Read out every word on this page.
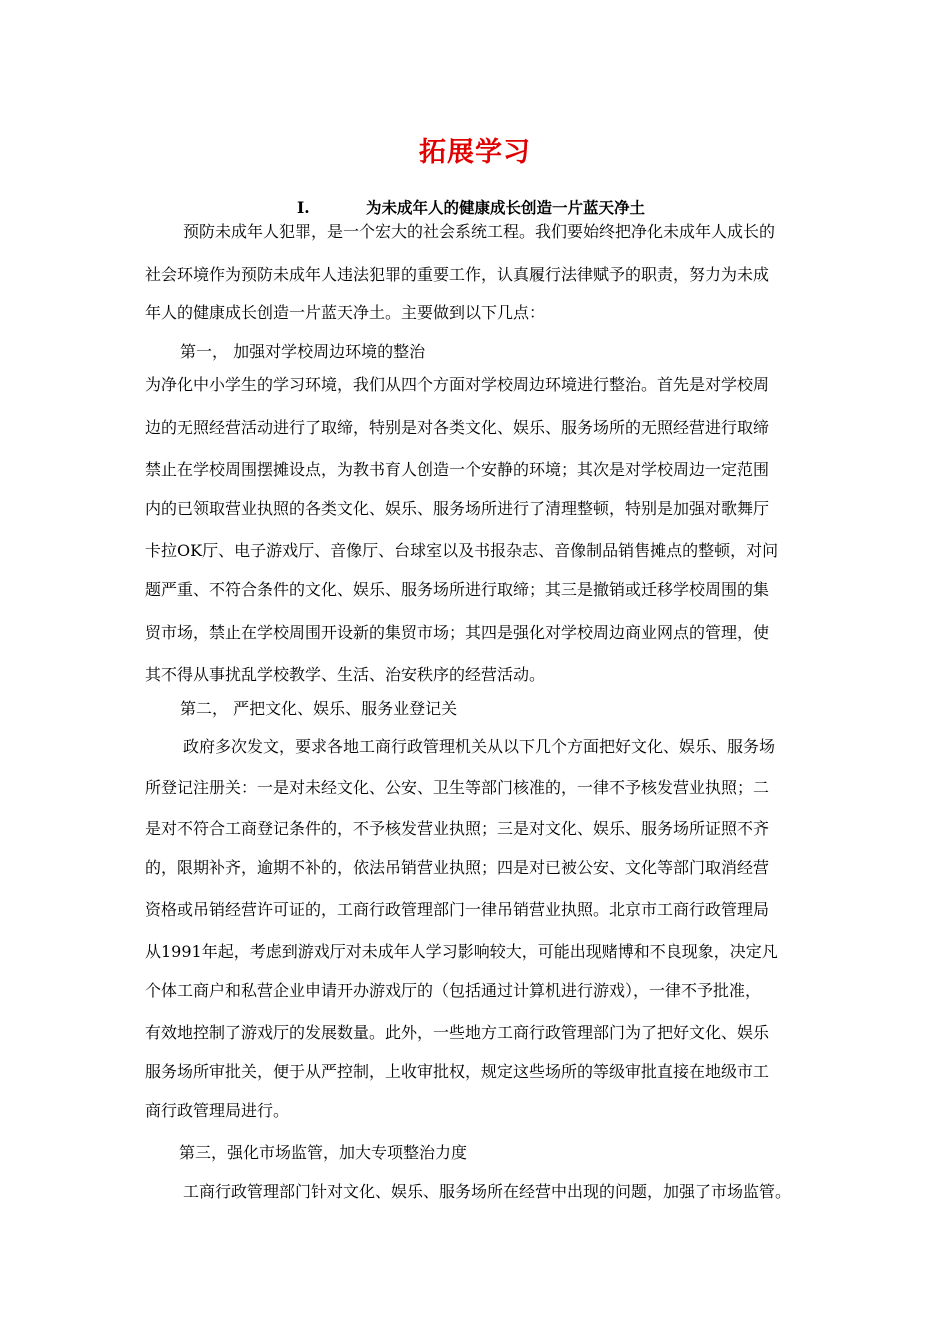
拓展学习
I.	为未成年人的健康成长创造一片蓝天净土
预防未成年人犯罪，是一个宏大的社会系统工程。我们要始终把净化未成年人成长的
社会环境作为预防未成年人违法犯罪的重要工作，认真履行法律赋予的职责，努力为未成
年人的健康成长创造一片蓝天净土。主要做到以下几点：
第一， 加强对学校周边环境的整治
为净化中小学生的学习环境，我们从四个方面对学校周边环境进行整治。首先是对学校周
边的无照经营活动进行了取缔，特别是对各类文化、娱乐、服务场所的无照经营进行取缔
禁止在学校周围摆摊设点，为教书育人创造一个安静的环境；其次是对学校周边一定范围
内的已领取营业执照的各类文化、娱乐、服务场所进行了清理整顿，特别是加强对歌舞厅
卡拉OK厅、电子游戏厅、音像厅、台球室以及书报杂志、音像制品销售摊点的整顿，对问
题严重、不符合条件的文化、娱乐、服务场所进行取缔；其三是撤销或迁移学校周围的集
贸市场，禁止在学校周围开设新的集贸市场；其四是强化对学校周边商业网点的管理，使
其不得从事扰乱学校教学、生活、治安秩序的经营活动。
第二， 严把文化、娱乐、服务业登记关
政府多次发文，要求各地工商行政管理机关从以下几个方面把好文化、娱乐、服务场
所登记注册关：一是对未经文化、公安、卫生等部门核准的，一律不予核发营业执照；二
是对不符合工商登记条件的，不予核发营业执照；三是对文化、娱乐、服务场所证照不齐
的，限期补齐，逾期不补的，依法吊销营业执照；四是对已被公安、文化等部门取消经营
资格或吊销经营许可证的，工商行政管理部门一律吊销营业执照。北京市工商行政管理局
从1991年起，考虑到游戏厅对未成年人学习影响较大，可能出现赌博和不良现象，决定凡
个体工商户和私营企业申请开办游戏厅的（包括通过计算机进行游戏），一律不予批准，
有效地控制了游戏厅的发展数量。此外，一些地方工商行政管理部门为了把好文化、娱乐
服务场所审批关，便于从严控制，上收审批权，规定这些场所的等级审批直接在地级市工
商行政管理局进行。
第三，强化市场监管，加大专项整治力度
工商行政管理部门针对文化、娱乐、服务场所在经营中出现的问题，加强了市场监管。
